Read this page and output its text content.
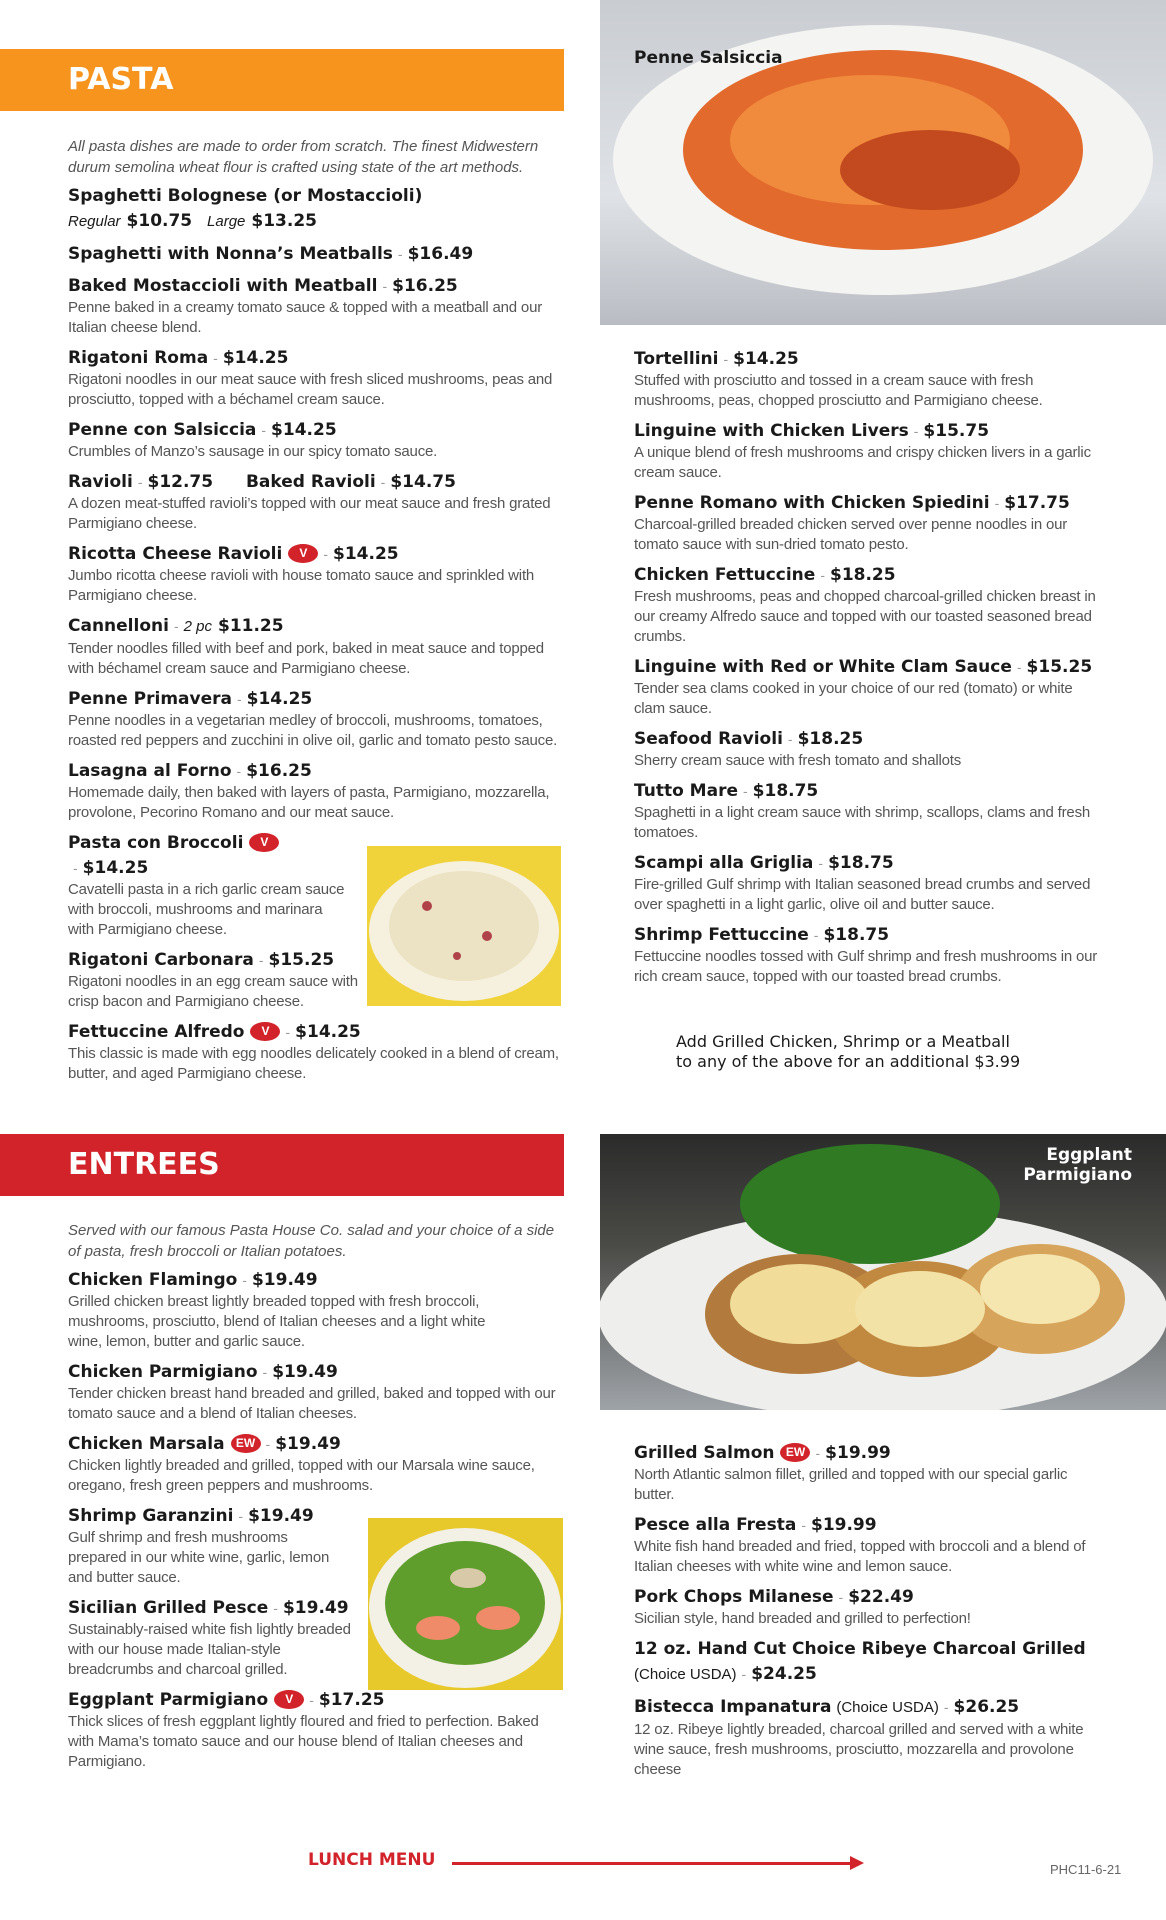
PASTA
Penne Salsiccia

All pasta dishes are made to order from scratch. The finest Midwestern durum semolina wheat flour is crafted using state of the art methods.

Spaghetti Bolognese (or Mostaccioli)
Regular $10.75 Large $13.25
Spaghetti with Nonna’s Meatballs - $16.49
Baked Mostaccioli with Meatball - $16.25
Penne baked in a creamy tomato sauce & topped with a meatball and our Italian cheese blend.
Rigatoni Roma - $14.25
Rigatoni noodles in our meat sauce with fresh sliced mushrooms, peas and prosciutto, topped with a béchamel cream sauce.
Penne con Salsiccia - $14.25
Crumbles of Manzo’s sausage in our spicy tomato sauce.
Ravioli - $12.75 Baked Ravioli - $14.75
A dozen meat-stuffed ravioli’s topped with our meat sauce and fresh grated Parmigiano cheese.
Ricotta Cheese Ravioli V - $14.25
Jumbo ricotta cheese ravioli with house tomato sauce and sprinkled with Parmigiano cheese.
Cannelloni - 2 pc $11.25
Tender noodles filled with beef and pork, baked in meat sauce and topped with béchamel cream sauce and Parmigiano cheese.
Penne Primavera - $14.25
Penne noodles in a vegetarian medley of broccoli, mushrooms, tomatoes, roasted red peppers and zucchini in olive oil, garlic and tomato pesto sauce.
Lasagna al Forno - $16.25
Homemade daily, then baked with layers of pasta, Parmigiano, mozzarella, provolone, Pecorino Romano and our meat sauce.
Pasta con Broccoli V- $14.25
Cavatelli pasta in a rich garlic cream sauce with broccoli, mushrooms and marinara with Parmigiano cheese.
Rigatoni Carbonara - $15.25
Rigatoni noodles in an egg cream sauce with crisp bacon and Parmigiano cheese.
Fettuccine Alfredo V - $14.25
This classic is made with egg noodles delicately cooked in a blend of cream, butter, and aged Parmigiano cheese.
Tortellini - $14.25
Stuffed with prosciutto and tossed in a cream sauce with fresh mushrooms, peas, chopped prosciutto and Parmigiano cheese.
Linguine with Chicken Livers - $15.75
A unique blend of fresh mushrooms and crispy chicken livers in a garlic cream sauce.
Penne Romano with Chicken Spiedini - $17.75
Charcoal-grilled breaded chicken served over penne noodles in our tomato sauce with sun-dried tomato pesto.
Chicken Fettuccine - $18.25
Fresh mushrooms, peas and chopped charcoal-grilled chicken breast in our creamy Alfredo sauce and topped with our toasted seasoned bread crumbs.
Linguine with Red or White Clam Sauce - $15.25
Tender sea clams cooked in your choice of our red (tomato) or white clam sauce.
Seafood Ravioli - $18.25
Sherry cream sauce with fresh tomato and shallots
Tutto Mare - $18.75
Spaghetti in a light cream sauce with shrimp, scallops, clams and fresh tomatoes.
Scampi alla Griglia - $18.75
Fire-grilled Gulf shrimp with Italian seasoned bread crumbs and served over spaghetti in a light garlic, olive oil and butter sauce.
Shrimp Fettuccine - $18.75
Fettuccine noodles tossed with Gulf shrimp and fresh mushrooms in our rich cream sauce, topped with our toasted bread crumbs.
Add Grilled Chicken, Shrimp or a Meatball
to any of the above for an additional $3.99
ENTREES	Eggplant
Parmigiano

Served with our famous Pasta House Co. salad and your choice of a side of pasta, fresh broccoli or Italian potatoes.

Chicken Flamingo - $19.49
Grilled chicken breast lightly breaded topped with fresh broccoli, mushrooms, prosciutto, blend of Italian cheeses and a light white wine, lemon, butter and garlic sauce.
Chicken Parmigiano - $19.49
Tender chicken breast hand breaded and grilled, baked and topped with our tomato sauce and a blend of Italian cheeses.
Chicken Marsala EW - $19.49
Chicken lightly breaded and grilled, topped with our Marsala wine sauce, oregano, fresh green peppers and mushrooms.
Shrimp Garanzini - $19.49
Gulf shrimp and fresh mushrooms prepared in our white wine, garlic, lemon and butter sauce.
Sicilian Grilled Pesce - $19.49
Sustainably-raised white fish lightly breaded with our house made Italian-style breadcrumbs and charcoal grilled.
Eggplant Parmigiano V - $17.25
Thick slices of fresh eggplant lightly floured and fried to perfection. Baked with Mama’s tomato sauce and our house blend of Italian cheeses and Parmigiano.
Grilled Salmon EW - $19.99
North Atlantic salmon fillet, grilled and topped with our special garlic butter.
Pesce alla Fresta - $19.99
White fish hand breaded and fried, topped with broccoli and a blend of Italian cheeses with white wine and lemon sauce.
Pork Chops Milanese - $22.49
Sicilian style, hand breaded and grilled to perfection!
12 oz. Hand Cut Choice Ribeye Charcoal Grilled
(Choice USDA) - $24.25
Bistecca Impanatura (Choice USDA) - $26.25
12 oz. Ribeye lightly breaded, charcoal grilled and served with a white wine sauce, fresh mushrooms, prosciutto, mozzarella and provolone cheese
LUNCH MENU	PHC11-6-21
